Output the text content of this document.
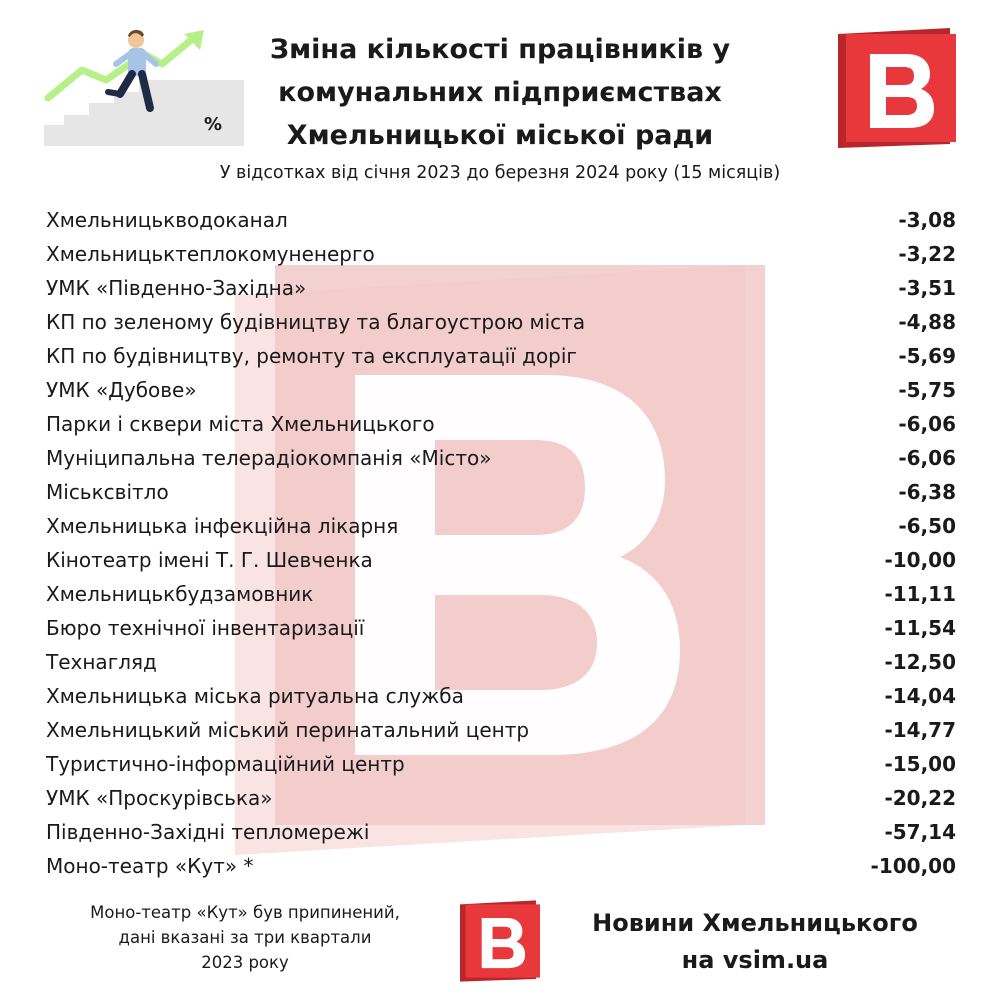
%
Зміна кількості працівників у
комунальних підприємствах
Хмельницької міської ради
У відсотках від січня 2023 до березня 2024 року (15 місяців)
Хмельницькводоканал	-3,08
Хмельницьктеплокомуненерго	-3,22
УМК «Південно-Західна»	-3,51
КП по зеленому будівництву та благоустрою міста	-4,88
КП по будівництву, ремонту та експлуатації доріг	-5,69
УМК «Дубове»	-5,75
Парки і сквери міста Хмельницького	-6,06
Муніципальна телерадіокомпанія «Місто»	-6,06
Міськсвітло	-6,38
Хмельницька інфекційна лікарня	-6,50
Кінотеатр імені Т. Г. Шевченка	-10,00
Хмельницькбудзамовник	-11,11
Бюро технічної інвентаризації	-11,54
Технагляд	-12,50
Хмельницька міська ритуальна служба	-14,04
Хмельницький міський перинатальний центр	-14,77
Туристично-інформаційний центр	-15,00
УМК «Проскурівська»	-20,22
Південно-Західні тепломережі	-57,14
Моно-театр «Кут» *	-100,00
Моно-театр «Кут» був припинений,
дані вказані за три квартали
2023 року
Новини Хмельницького
на vsim.ua
